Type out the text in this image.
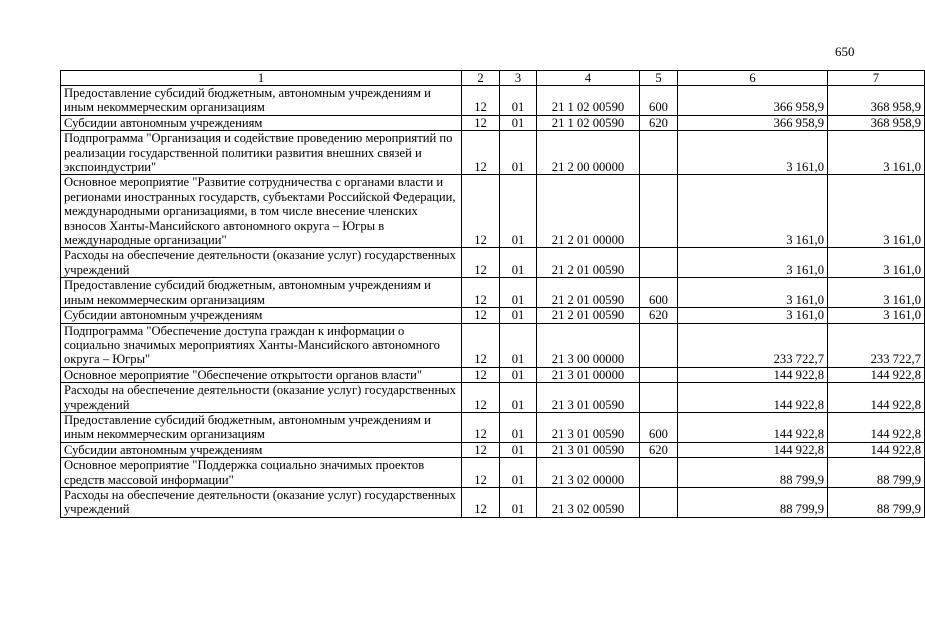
650
1	2	3	4	5	6	7
Предоставление субсидий бюджетным, автономным учреждениям и иным некоммерческим организациям	12	01	21 1 02 00590	600	366 958,9	368 958,9
Субсидии автономным учреждениям	12	01	21 1 02 00590	620	366 958,9	368 958,9
Подпрограмма "Организация и содействие проведению мероприятий по реализации государственной политики развития внешних связей и экспоиндустрии"	12	01	21 2 00 00000		3 161,0	3 161,0
Основное мероприятие "Развитие сотрудничества с органами власти и регионами иностранных государств, субъектами Российской Федерации, международными организациями, в том числе внесение членских взносов Ханты-Мансийского автономного округа – Югры в международные организации"	12	01	21 2 01 00000		3 161,0	3 161,0
Расходы на обеспечение деятельности (оказание услуг) государственных учреждений	12	01	21 2 01 00590		3 161,0	3 161,0
Предоставление субсидий бюджетным, автономным учреждениям и иным некоммерческим организациям	12	01	21 2 01 00590	600	3 161,0	3 161,0
Субсидии автономным учреждениям	12	01	21 2 01 00590	620	3 161,0	3 161,0
Подпрограмма "Обеспечение доступа граждан к информации о социально значимых мероприятиях Ханты-Мансийского автономного округа – Югры"	12	01	21 3 00 00000		233 722,7	233 722,7
Основное мероприятие "Обеспечение открытости органов власти"	12	01	21 3 01 00000		144 922,8	144 922,8
Расходы на обеспечение деятельности (оказание услуг) государственных учреждений	12	01	21 3 01 00590		144 922,8	144 922,8
Предоставление субсидий бюджетным, автономным учреждениям и иным некоммерческим организациям	12	01	21 3 01 00590	600	144 922,8	144 922,8
Субсидии автономным учреждениям	12	01	21 3 01 00590	620	144 922,8	144 922,8
Основное мероприятие "Поддержка социально значимых проектов средств массовой информации"	12	01	21 3 02 00000		88 799,9	88 799,9
Расходы на обеспечение деятельности (оказание услуг) государственных учреждений	12	01	21 3 02 00590		88 799,9	88 799,9
